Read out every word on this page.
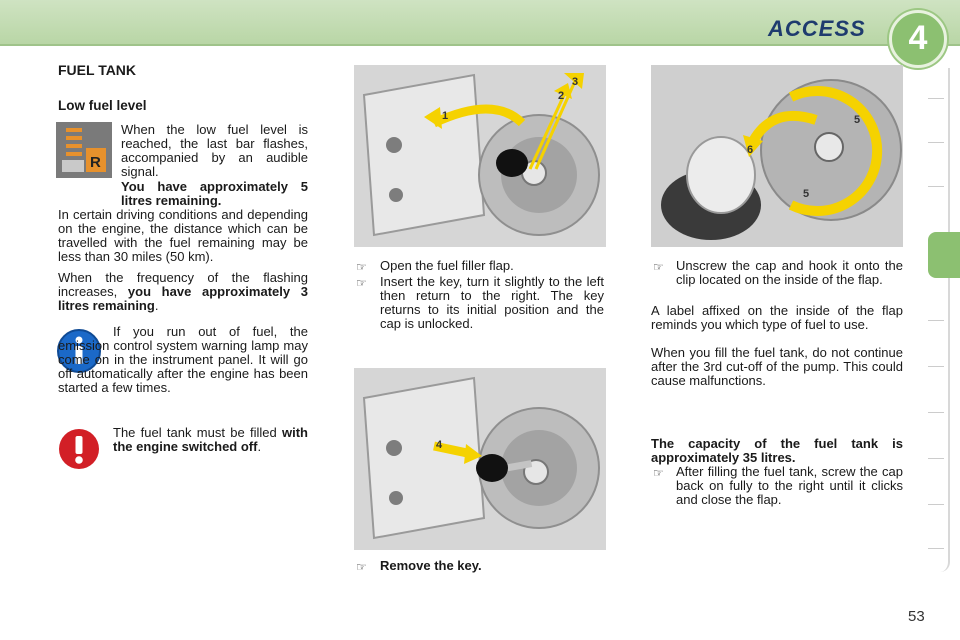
ACCESS	4
FUEL TANK
Low fuel level
R
When the low fuel level is reached, the last bar flashes, accompanied by an audible signal.
You have approximately 5 litres remaining.
In certain driving conditions and depending on the engine, the distance which can be travelled with the fuel remaining may be less than 30 miles (50 km).
When the frequency of the flashing increases, you have approximately 3 litres remaining.
If you run out of fuel, the emission control system warning lamp may come on in the instrument panel. It will go off automatically after the engine has been started a few times.
The fuel tank must be filled with the engine switched off.
1
2
3
☞ Open the fuel filler flap.
☞ Insert the key, turn it slightly to the left then return to the right. The key returns to its initial position and the cap is unlocked.
4
☞ Remove the key.
5
6
5
☞ Unscrew the cap and hook it onto the clip located on the inside of the flap.
A label affixed on the inside of the flap reminds you which type of fuel to use.
When you fill the fuel tank, do not continue after the 3rd cut-off of the pump. This could cause malfunctions.
The capacity of the fuel tank is approximately 35 litres.
☞ After filling the fuel tank, screw the cap back on fully to the right until it clicks and close the flap.
53
